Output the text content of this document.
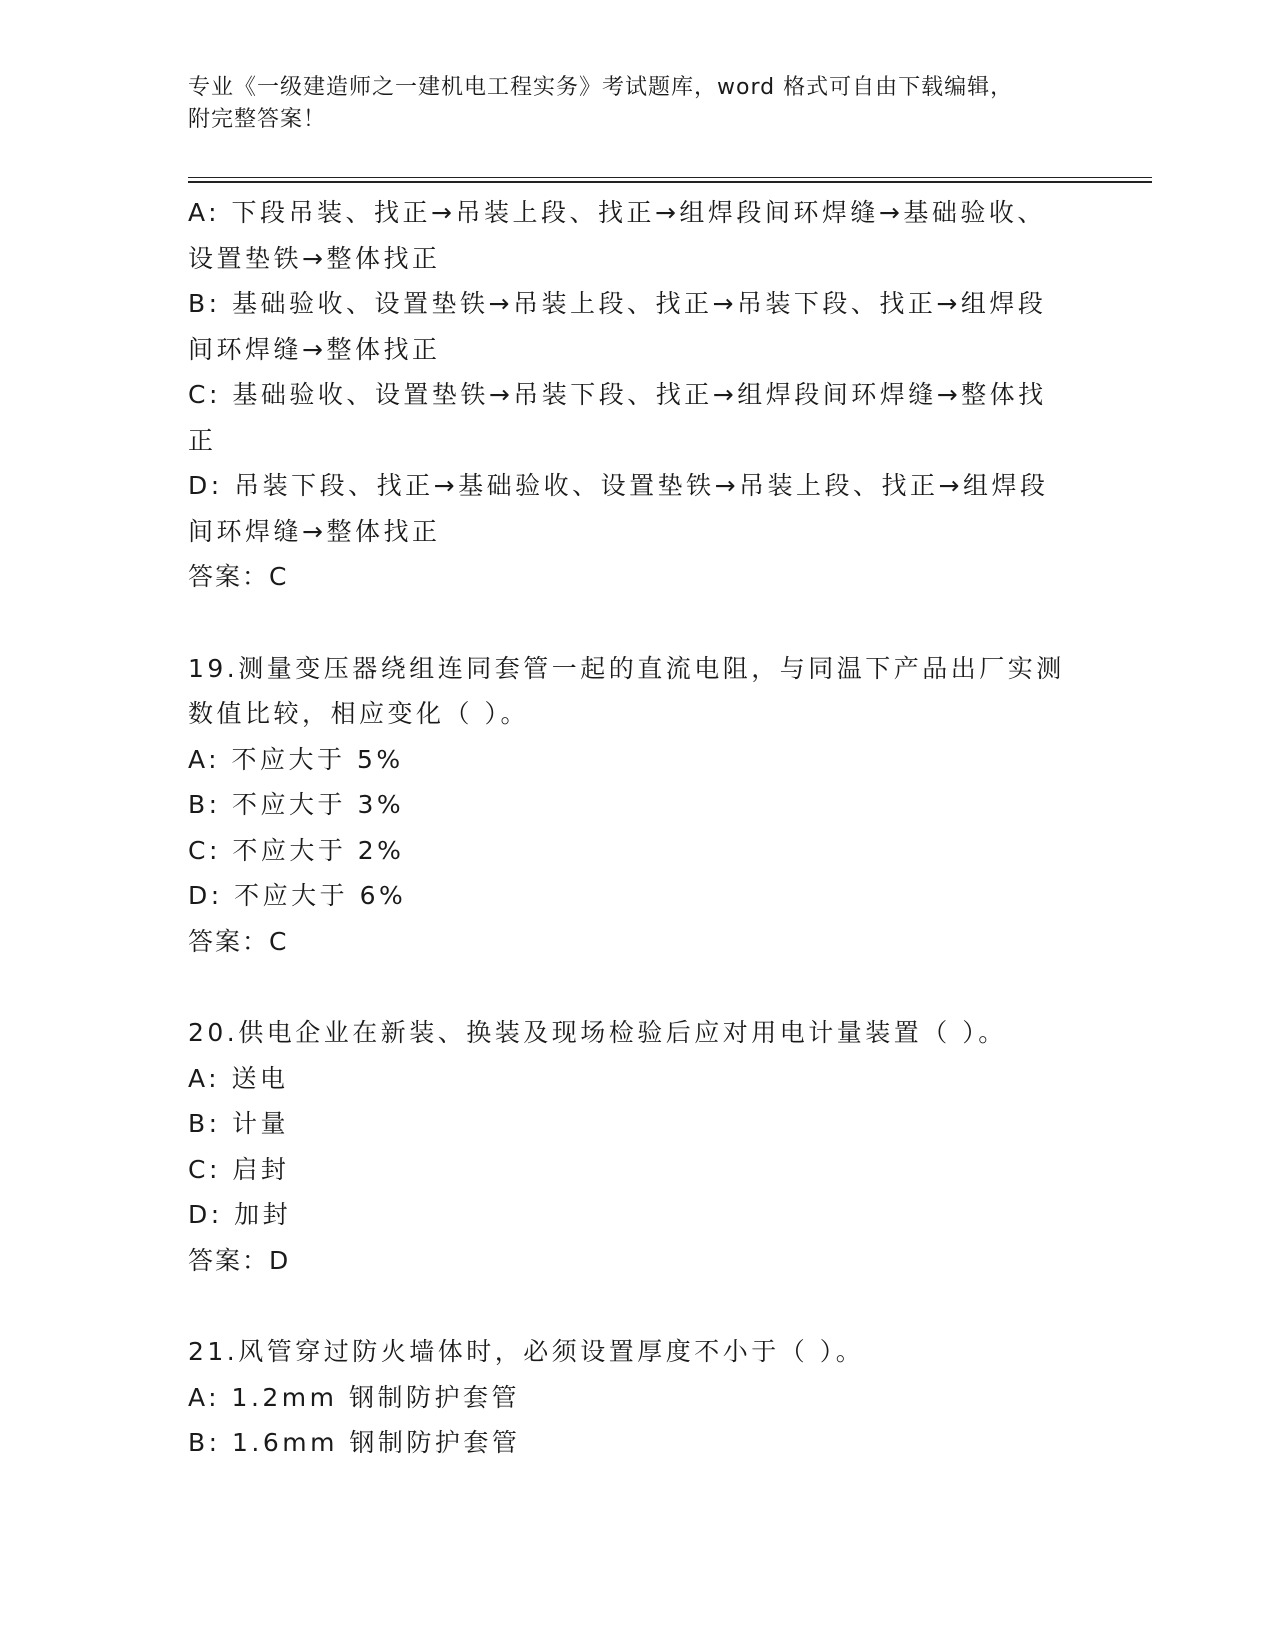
专业《一级建造师之一建机电工程实务》考试题库，word 格式可自由下载编辑，
附完整答案！
A: 下段吊装、找正→吊装上段、找正→组焊段间环焊缝→基础验收、
设置垫铁→整体找正
B: 基础验收、设置垫铁→吊装上段、找正→吊装下段、找正→组焊段
间环焊缝→整体找正
C: 基础验收、设置垫铁→吊装下段、找正→组焊段间环焊缝→整体找
正
D: 吊装下段、找正→基础验收、设置垫铁→吊装上段、找正→组焊段
间环焊缝→整体找正
答案：C
19.测量变压器绕组连同套管一起的直流电阻，与同温下产品出厂实测
数值比较，相应变化（ ）。
A: 不应大于 5%
B: 不应大于 3%
C: 不应大于 2%
D: 不应大于 6%
答案：C
20.供电企业在新装、换装及现场检验后应对用电计量装置（ ）。
A: 送电
B: 计量
C: 启封
D: 加封
答案：D
21.风管穿过防火墙体时，必须设置厚度不小于（ ）。
A: 1.2mm 钢制防护套管
B: 1.6mm 钢制防护套管
